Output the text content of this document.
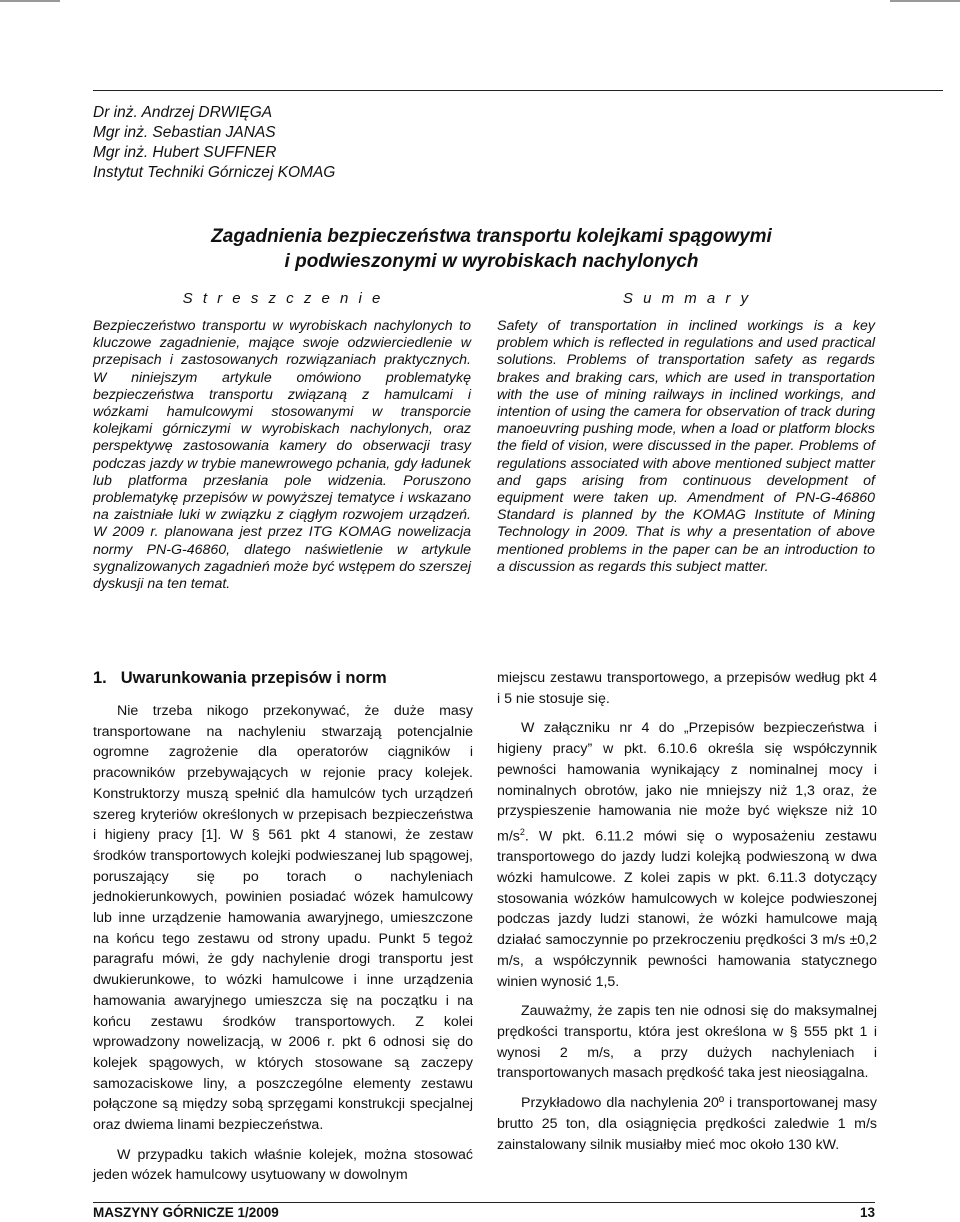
Dr inż. Andrzej DRWIĘGA
Mgr inż. Sebastian JANAS
Mgr inż. Hubert SUFFNER
Instytut Techniki Górniczej KOMAG
Zagadnienia bezpieczeństwa transportu kolejkami spągowymi
i podwieszonymi w wyrobiskach nachylonych
S t r e s z c z e n i e	S u m m a r y

Bezpieczeństwo transportu w wyrobiskach nachylonych to kluczowe zagadnienie, mające swoje odzwierciedlenie w przepisach i zastosowanych rozwiązaniach praktycznych. W niniejszym artykule omówiono problematykę bezpieczeństwa transportu związaną z hamulcami i wózkami hamulcowymi stosowanymi w transporcie kolejkami górniczymi w wyrobiskach nachylonych, oraz perspektywę zastosowania kamery do obserwacji trasy podczas jazdy w trybie manewrowego pchania, gdy ładunek lub platforma przesłania pole widzenia. Poruszono problematykę przepisów w powyższej tematyce i wskazano na zaistniałe luki w związku z ciągłym rozwojem urządzeń. W 2009 r. planowana jest przez ITG KOMAG nowelizacja normy PN-G-46860, dlatego naświetlenie w artykule sygnalizowanych zagadnień może być wstępem do szerszej dyskusji na ten temat.

Safety of transportation in inclined workings is a key problem which is reflected in regulations and used practical solutions. Problems of transportation safety as regards brakes and braking cars, which are used in transportation with the use of mining railways in inclined workings, and intention of using the camera for observation of track during manoeuvring pushing mode, when a load or platform blocks the field of vision, were discussed in the paper. Problems of regulations associated with above mentioned subject matter and gaps arising from continuous development of equipment were taken up. Amendment of PN-G-46860 Standard is planned by the KOMAG Institute of Mining Technology in 2009. That is why a presentation of above mentioned problems in the paper can be an introduction to a discussion as regards this subject matter.

1. Uwarunkowania przepisów i norm

Nie trzeba nikogo przekonywać, że duże masy transportowane na nachyleniu stwarzają potencjalnie ogromne zagrożenie dla operatorów ciągników i pracowników przebywających w rejonie pracy kolejek. Konstruktorzy muszą spełnić dla hamulców tych urządzeń szereg kryteriów określonych w przepisach bezpieczeństwa i higieny pracy [1]. W § 561 pkt 4 stanowi, że zestaw środków transportowych kolejki podwieszanej lub spągowej, poruszający się po torach o nachyleniach jednokierunkowych, powinien posiadać wózek hamulcowy lub inne urządzenie hamowania awaryjnego, umieszczone na końcu tego zestawu od strony upadu. Punkt 5 tegoż paragrafu mówi, że gdy nachylenie drogi transportu jest dwukierunkowe, to wózki hamulcowe i inne urządzenia hamowania awaryjnego umieszcza się na początku i na końcu zestawu środków transportowych. Z kolei wprowadzony nowelizacją, w 2006 r. pkt 6 odnosi się do kolejek spągowych, w których stosowane są zaczepy samozaciskowe liny, a poszczególne elementy zestawu połączone są między sobą sprzęgami konstrukcji specjalnej oraz dwiema linami bezpieczeństwa.

W przypadku takich właśnie kolejek, można stosować jeden wózek hamulcowy usytuowany w dowolnym

miejscu zestawu transportowego, a przepisów według pkt 4 i 5 nie stosuje się.

W załączniku nr 4 do „Przepisów bezpieczeństwa i higieny pracy” w pkt. 6.10.6 określa się współczynnik pewności hamowania wynikający z nominalnej mocy i nominalnych obrotów, jako nie mniejszy niż 1,3 oraz, że przyspieszenie hamowania nie może być większe niż 10 $m/s^2$. W pkt. 6.11.2 mówi się o wyposażeniu zestawu transportowego do jazdy ludzi kolejką podwieszoną w dwa wózki hamulcowe. Z kolei zapis w pkt. 6.11.3 dotyczący stosowania wózków hamulcowych w kolejce podwieszonej podczas jazdy ludzi stanowi, że wózki hamulcowe mają działać samoczynnie po przekroczeniu prędkości 3 m/s ±0,2 m/s, a współczynnik pewności hamowania statycznego winien wynosić 1,5.

Zauważmy, że zapis ten nie odnosi się do maksymalnej prędkości transportu, która jest określona w § 555 pkt 1 i wynosi 2 m/s, a przy dużych nachyleniach i transportowanych masach prędkość taka jest nieosiągalna.

Przykładowo dla nachylenia 20º i transportowanej masy brutto 25 ton, dla osiągnięcia prędkości zaledwie 1 m/s zainstalowany silnik musiałby mieć moc około 130 kW.

MASZYNY GÓRNICZE 1/2009	13
